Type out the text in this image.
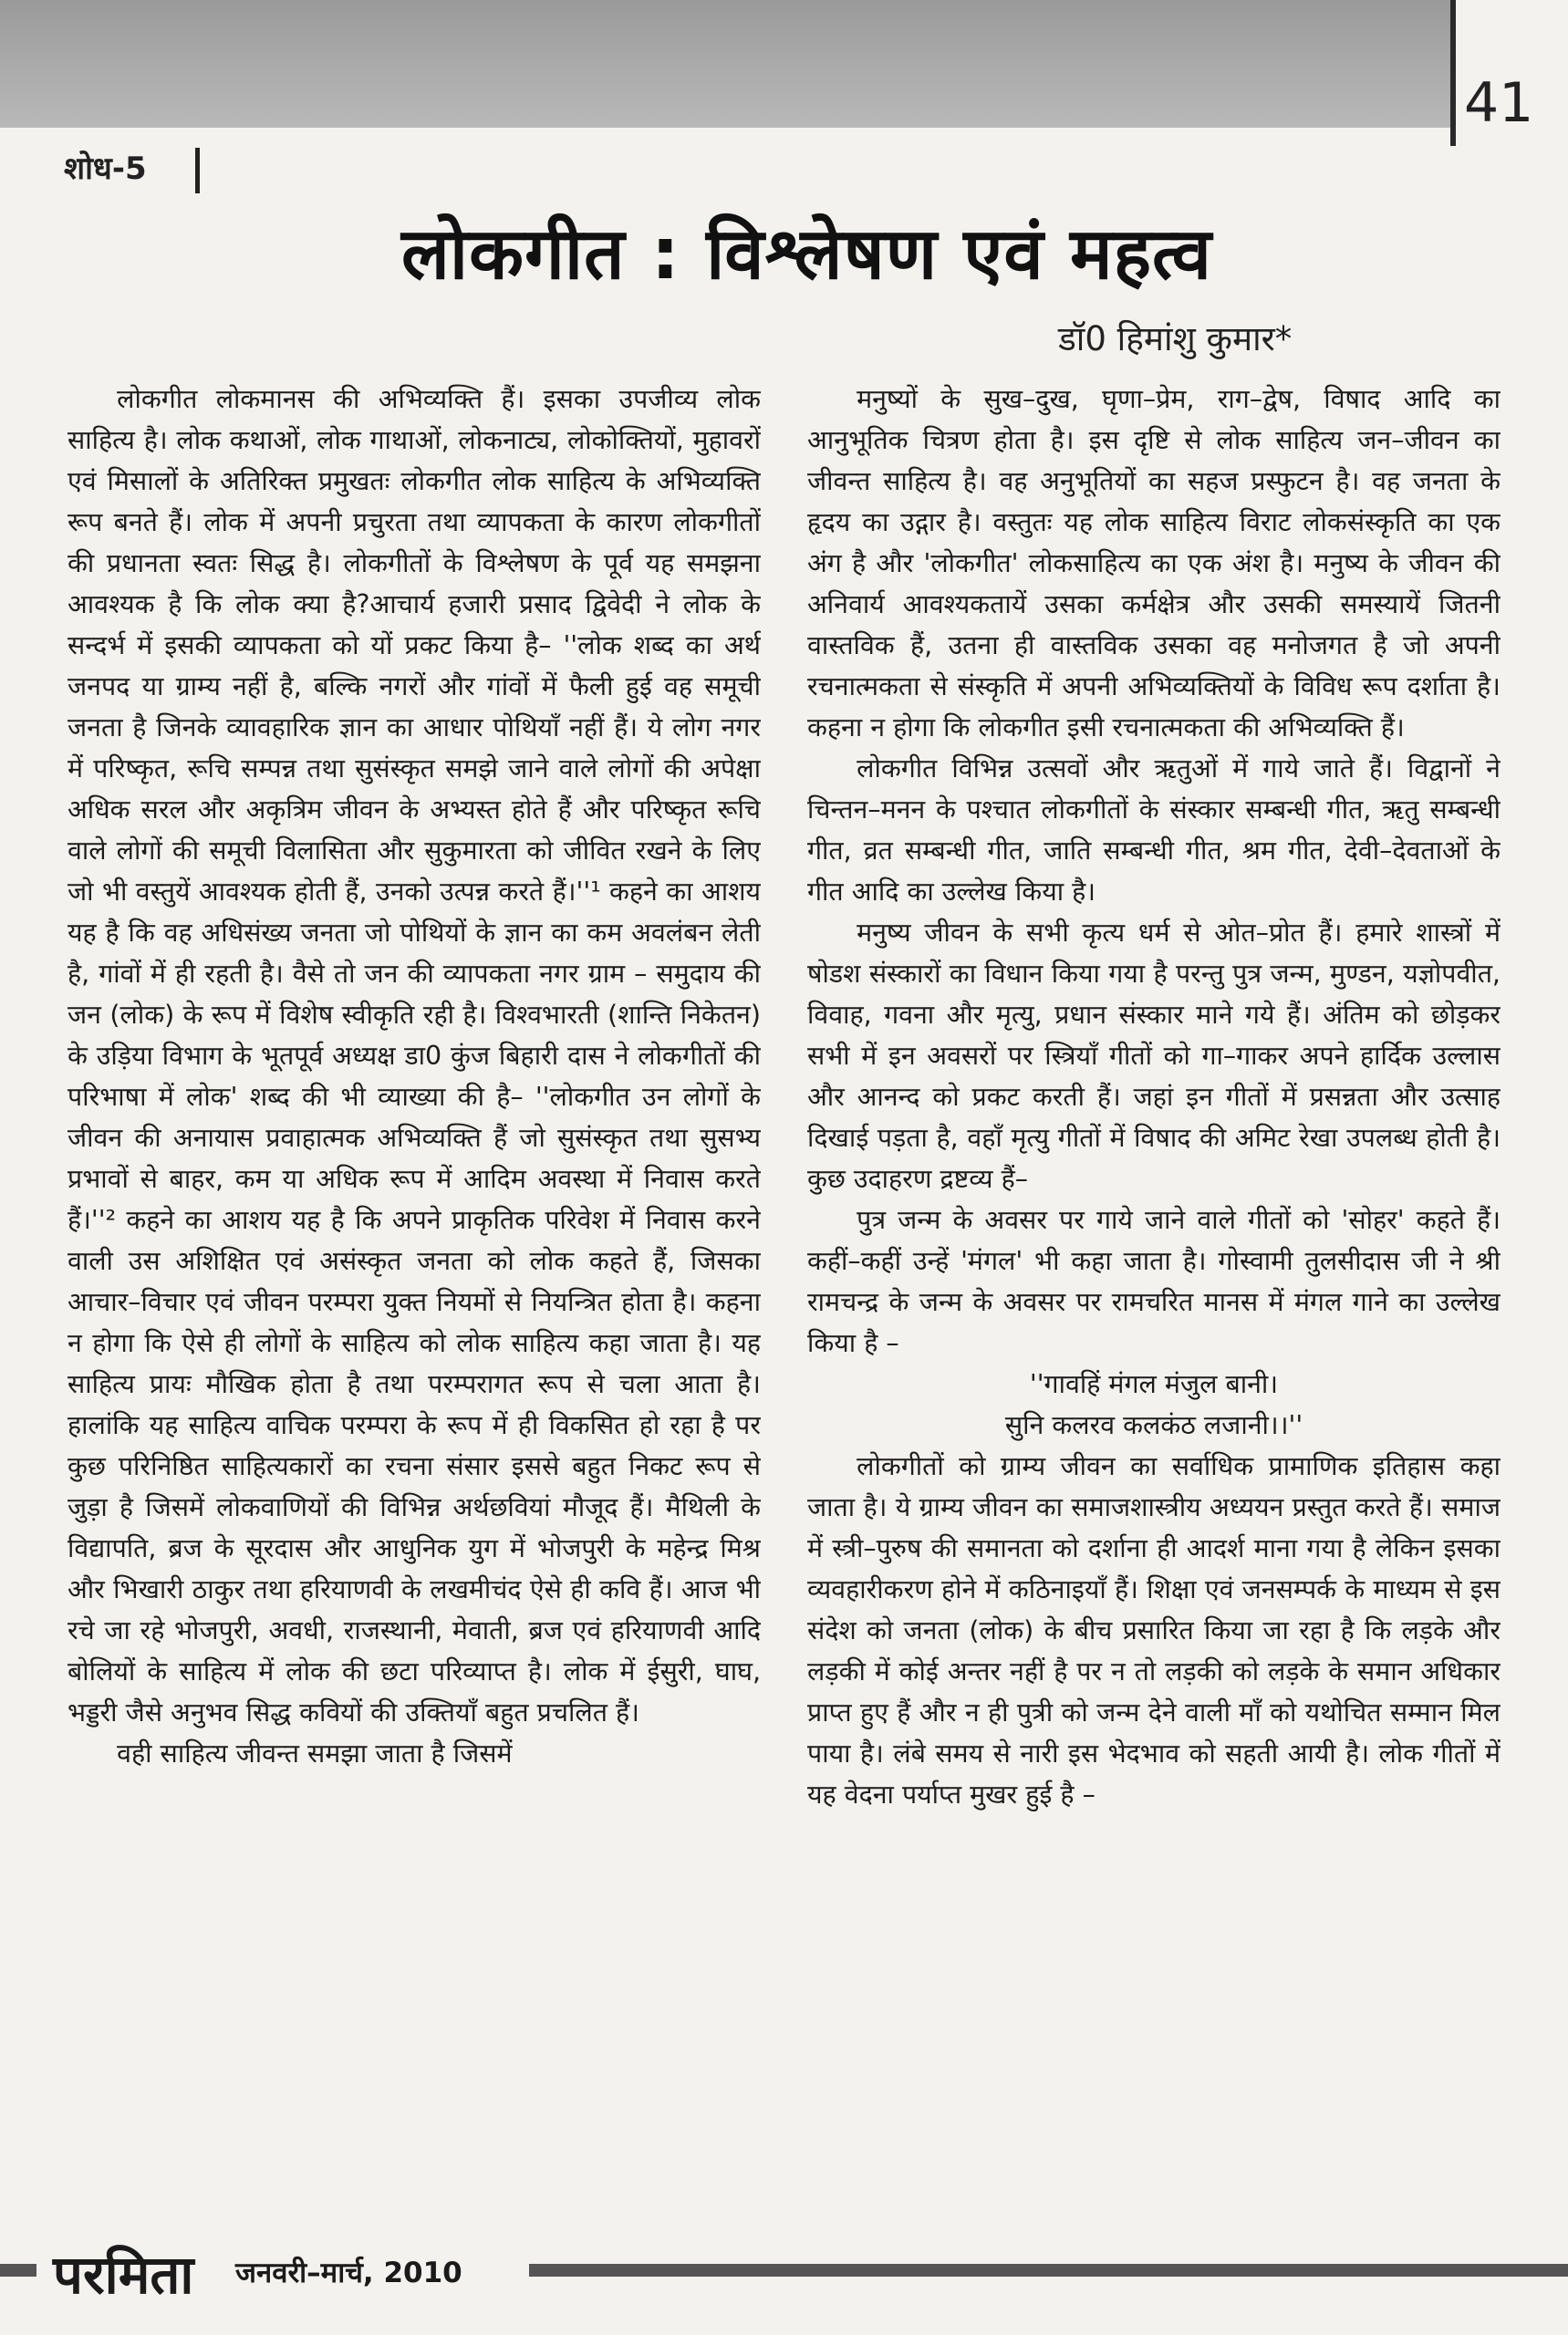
41
शोध-5
लोकगीत : विश्लेषण एवं महत्व
डॉ0 हिमांशु कुमार*

लोकगीत लोकमानस की अभिव्यक्ति हैं। इसका उपजीव्य लोक साहित्य है। लोक कथाओं, लोक गाथाओं, लोकनाट्य, लोकोक्तियों, मुहावरों एवं मिसालों के अतिरिक्त प्रमुखतः लोकगीत लोक साहित्य के अभिव्यक्ति रूप बनते हैं। लोक में अपनी प्रचुरता तथा व्यापकता के कारण लोकगीतों की प्रधानता स्वतः सिद्ध है। लोकगीतों के विश्लेषण के पूर्व यह समझना आवश्यक है कि लोक क्या है?आचार्य हजारी प्रसाद द्विवेदी ने लोक के सन्दर्भ में इसकी व्यापकता को यों प्रकट किया है– ''लोक शब्द का अर्थ जनपद या ग्राम्य नहीं है, बल्कि नगरों और गांवों में फैली हुई वह समूची जनता है जिनके व्यावहारिक ज्ञान का आधार पोथियाँ नहीं हैं। ये लोग नगर में परिष्कृत, रूचि सम्पन्न तथा सुसंस्कृत समझे जाने वाले लोगों की अपेक्षा अधिक सरल और अकृत्रिम जीवन के अभ्यस्त होते हैं और परिष्कृत रूचि वाले लोगों की समूची विलासिता और सुकुमारता को जीवित रखने के लिए जो भी वस्तुयें आवश्यक होती हैं, उनको उत्पन्न करते हैं।''¹ कहने का आशय यह है कि वह अधिसंख्य जनता जो पोथियों के ज्ञान का कम अवलंबन लेती है, गांवों में ही रहती है। वैसे तो जन की व्यापकता नगर ग्राम – समुदाय की जन (लोक) के रूप में विशेष स्वीकृति रही है। विश्वभारती (शान्ति निकेतन) के उड़िया विभाग के भूतपूर्व अध्यक्ष डा0 कुंज बिहारी दास ने लोकगीतों की परिभाषा में लोक' शब्द की भी व्याख्या की है– ''लोकगीत उन लोगों के जीवन की अनायास प्रवाहात्मक अभिव्यक्ति हैं जो सुसंस्कृत तथा सुसभ्य प्रभावों से बाहर, कम या अधिक रूप में आदिम अवस्था में निवास करते हैं।''² कहने का आशय यह है कि अपने प्राकृतिक परिवेश में निवास करने वाली उस अशिक्षित एवं असंस्कृत जनता को लोक कहते हैं, जिसका आचार–विचार एवं जीवन परम्परा युक्त नियमों से नियन्त्रित होता है। कहना न होगा कि ऐसे ही लोगों के साहित्य को लोक साहित्य कहा जाता है। यह साहित्य प्रायः मौखिक होता है तथा परम्परागत रूप से चला आता है। हालांकि यह साहित्य वाचिक परम्परा के रूप में ही विकसित हो रहा है पर कुछ परिनिष्ठित साहित्यकारों का रचना संसार इससे बहुत निकट रूप से जुड़ा है जिसमें लोकवाणियों की विभिन्न अर्थछवियां मौजूद हैं। मैथिली के विद्यापति, ब्रज के सूरदास और आधुनिक युग में भोजपुरी के महेन्द्र मिश्र और भिखारी ठाकुर तथा हरियाणवी के लखमीचंद ऐसे ही कवि हैं। आज भी रचे जा रहे भोजपुरी, अवधी, राजस्थानी, मेवाती, ब्रज एवं हरियाणवी आदि बोलियों के साहित्य में लोक की छटा परिव्याप्त है। लोक में ईसुरी, घाघ, भड्डरी जैसे अनुभव सिद्ध कवियों की उक्तियाँ बहुत प्रचलित हैं।

वही साहित्य जीवन्त समझा जाता है जिसमें

मनुष्यों के सुख–दुख, घृणा–प्रेम, राग–द्वेष, विषाद आदि का आनुभूतिक चित्रण होता है। इस दृष्टि से लोक साहित्य जन–जीवन का जीवन्त साहित्य है। वह अनुभूतियों का सहज प्रस्फुटन है। वह जनता के हृदय का उद्गार है। वस्तुतः यह लोक साहित्य विराट लोकसंस्कृति का एक अंग है और 'लोकगीत' लोकसाहित्य का एक अंश है। मनुष्य के जीवन की अनिवार्य आवश्यकतायें उसका कर्मक्षेत्र और उसकी समस्यायें जितनी वास्तविक हैं, उतना ही वास्तविक उसका वह मनोजगत है जो अपनी रचनात्मकता से संस्कृति में अपनी अभिव्यक्तियों के विविध रूप दर्शाता है। कहना न होगा कि लोकगीत इसी रचनात्मकता की अभिव्यक्ति हैं।

लोकगीत विभिन्न उत्सवों और ऋतुओं में गाये जाते हैं। विद्वानों ने चिन्तन–मनन के पश्चात लोकगीतों के संस्कार सम्बन्धी गीत, ऋतु सम्बन्धी गीत, व्रत सम्बन्धी गीत, जाति सम्बन्धी गीत, श्रम गीत, देवी–देवताओं के गीत आदि का उल्लेख किया है।

मनुष्य जीवन के सभी कृत्य धर्म से ओत–प्रोत हैं। हमारे शास्त्रों में षोडश संस्कारों का विधान किया गया है परन्तु पुत्र जन्म, मुण्डन, यज्ञोपवीत, विवाह, गवना और मृत्यु, प्रधान संस्कार माने गये हैं। अंतिम को छोड़कर सभी में इन अवसरों पर स्त्रियाँ गीतों को गा–गाकर अपने हार्दिक उल्लास और आनन्द को प्रकट करती हैं। जहां इन गीतों में प्रसन्नता और उत्साह दिखाई पड़ता है, वहाँ मृत्यु गीतों में विषाद की अमिट रेखा उपलब्ध होती है। कुछ उदाहरण द्रष्टव्य हैं–

पुत्र जन्म के अवसर पर गाये जाने वाले गीतों को 'सोहर' कहते हैं। कहीं–कहीं उन्हें 'मंगल' भी कहा जाता है। गोस्वामी तुलसीदास जी ने श्री रामचन्द्र के जन्म के अवसर पर रामचरित मानस में मंगल गाने का उल्लेख किया है –

''गावहिं मंगल मंजुल बानी।

सुनि कलरव कलकंठ लजानी।।''

लोकगीतों को ग्राम्य जीवन का सर्वाधिक प्रामाणिक इतिहास कहा जाता है। ये ग्राम्य जीवन का समाजशास्त्रीय अध्ययन प्रस्तुत करते हैं। समाज में स्त्री–पुरुष की समानता को दर्शाना ही आदर्श माना गया है लेकिन इसका व्यवहारीकरण होने में कठिनाइयाँ हैं। शिक्षा एवं जनसम्पर्क के माध्यम से इस संदेश को जनता (लोक) के बीच प्रसारित किया जा रहा है कि लड़के और लड़की में कोई अन्तर नहीं है पर न तो लड़की को लड़के के समान अधिकार प्राप्त हुए हैं और न ही पुत्री को जन्म देने वाली माँ को यथोचित सम्मान मिल पाया है। लंबे समय से नारी इस भेदभाव को सहती आयी है। लोक गीतों में यह वेदना पर्याप्त मुखर हुई है –

परमिता जनवरी–मार्च, 2010
